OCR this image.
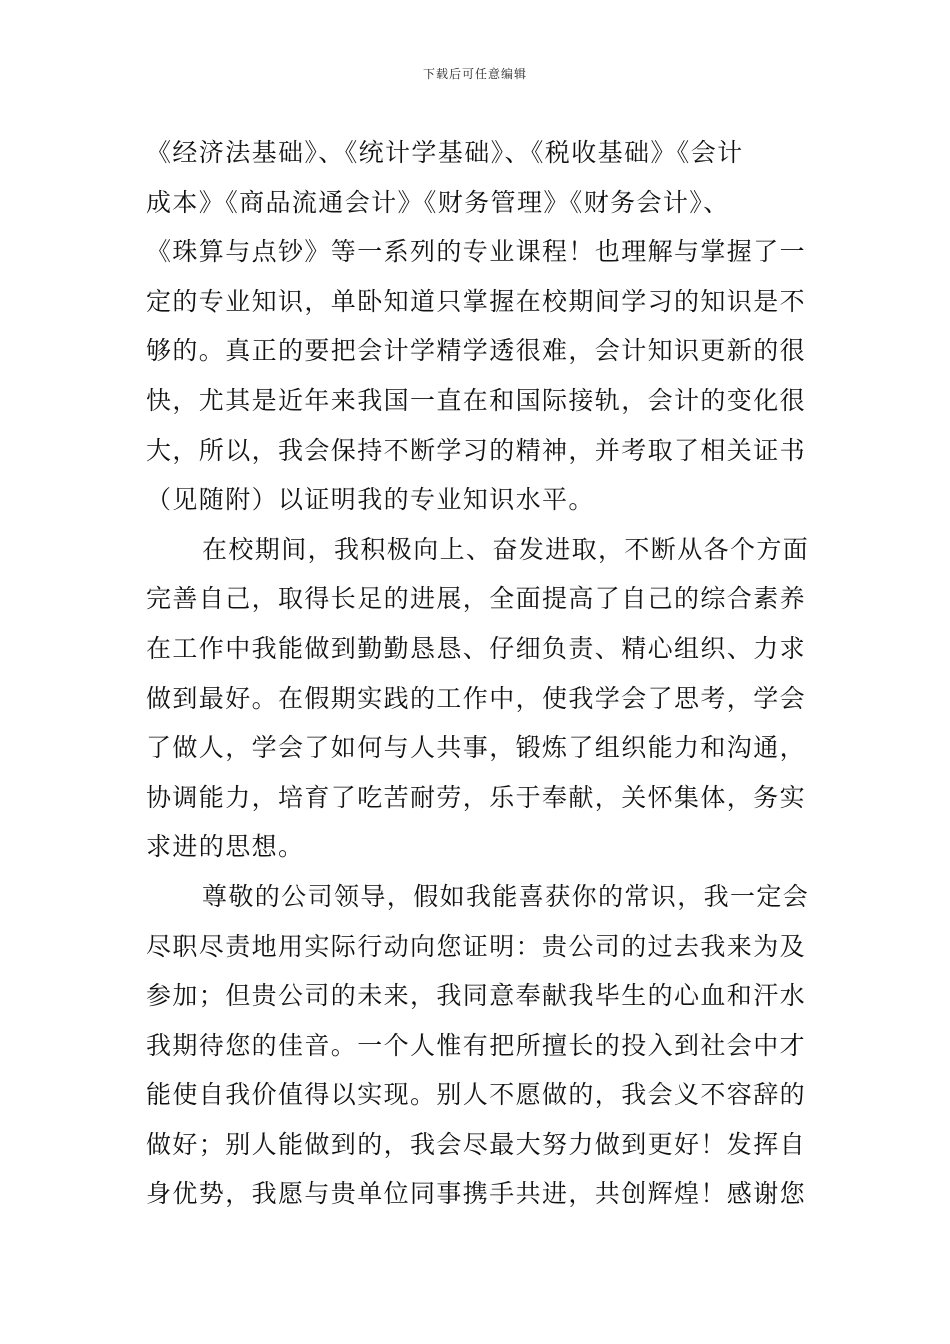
下载后可任意编辑
《经济法基础》、《统计学基础》、《税收基础》《会计
成本》《商品流通会计》《财务管理》《财务会计》、
《珠算与点钞》等一系列的专业课程！也理解与掌握了一
定的专业知识，单卧知道只掌握在校期间学习的知识是不
够的。真正的要把会计学精学透很难，会计知识更新的很
快，尤其是近年来我国一直在和国际接轨，会计的变化很
大，所以，我会保持不断学习的精神，并考取了相关证书
（见随附）以证明我的专业知识水平。
在校期间，我积极向上、奋发进取，不断从各个方面
完善自己，取得长足的进展，全面提高了自己的综合素养
在工作中我能做到勤勤恳恳、仔细负责、精心组织、力求
做到最好。在假期实践的工作中，使我学会了思考，学会
了做人，学会了如何与人共事，锻炼了组织能力和沟通，
协调能力，培育了吃苦耐劳，乐于奉献，关怀集体，务实
求进的思想。
尊敬的公司领导，假如我能喜获你的常识，我一定会
尽职尽责地用实际行动向您证明：贵公司的过去我来为及
参加；但贵公司的未来，我同意奉献我毕生的心血和汗水
我期待您的佳音。一个人惟有把所擅长的投入到社会中才
能使自我价值得以实现。别人不愿做的，我会义不容辞的
做好；别人能做到的，我会尽最大努力做到更好！发挥自
身优势，我愿与贵单位同事携手共进，共创辉煌！感谢您
